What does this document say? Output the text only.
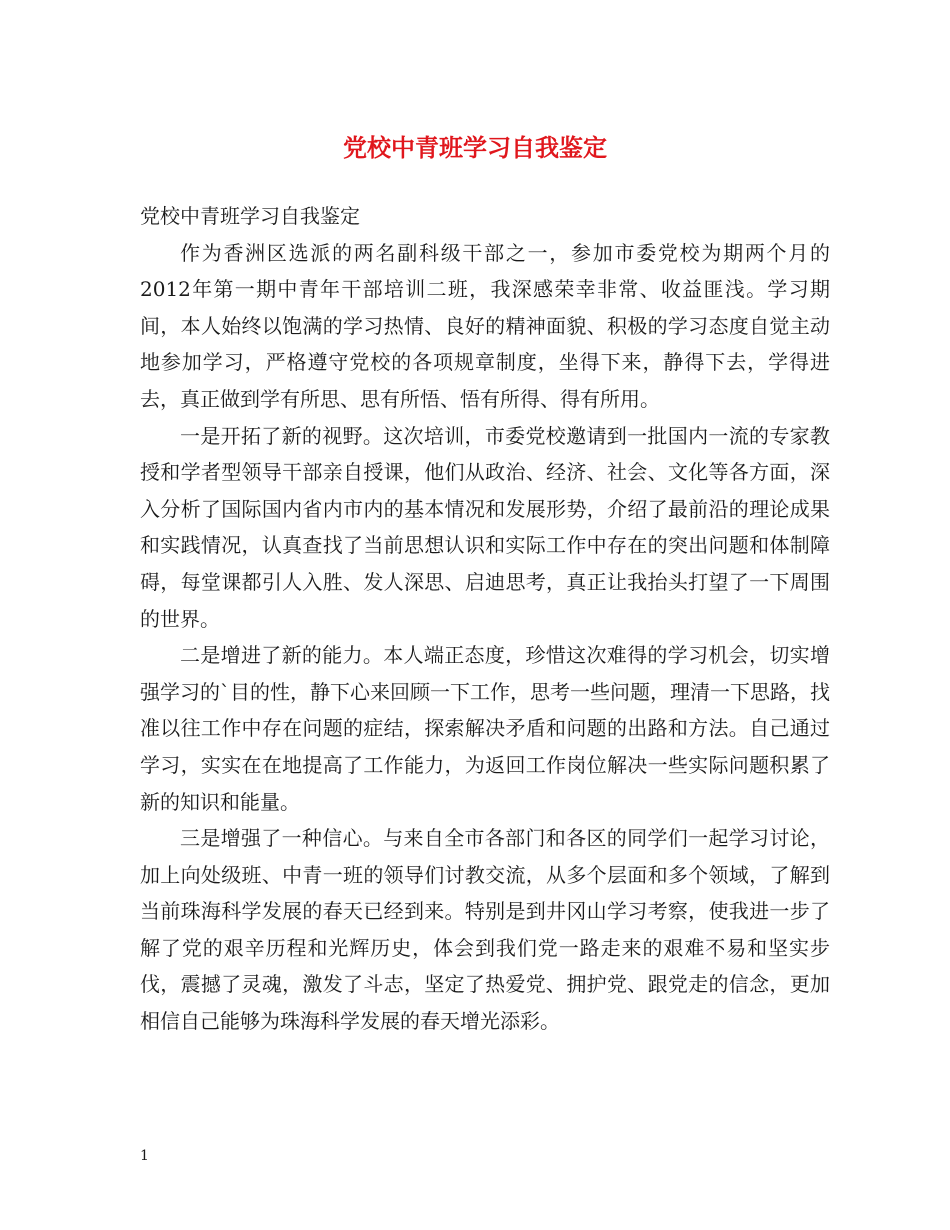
党校中青班学习自我鉴定

党校中青班学习自我鉴定

作为香洲区选派的两名副科级干部之一，参加市委党校为期两个月的2012年第一期中青年干部培训二班，我深感荣幸非常、收益匪浅。学习期间，本人始终以饱满的学习热情、良好的精神面貌、积极的学习态度自觉主动地参加学习，严格遵守党校的各项规章制度，坐得下来，静得下去，学得进去，真正做到学有所思、思有所悟、悟有所得、得有所用。

一是开拓了新的视野。这次培训，市委党校邀请到一批国内一流的专家教授和学者型领导干部亲自授课，他们从政治、经济、社会、文化等各方面，深入分析了国际国内省内市内的基本情况和发展形势，介绍了最前沿的理论成果和实践情况，认真查找了当前思想认识和实际工作中存在的突出问题和体制障碍，每堂课都引人入胜、发人深思、启迪思考，真正让我抬头打望了一下周围的世界。

二是增进了新的能力。本人端正态度，珍惜这次难得的学习机会，切实增强学习的`目的性，静下心来回顾一下工作，思考一些问题，理清一下思路，找准以往工作中存在问题的症结，探索解决矛盾和问题的出路和方法。自己通过学习，实实在在地提高了工作能力，为返回工作岗位解决一些实际问题积累了新的知识和能量。

三是增强了一种信心。与来自全市各部门和各区的同学们一起学习讨论，加上向处级班、中青一班的领导们讨教交流，从多个层面和多个领域，了解到当前珠海科学发展的春天已经到来。特别是到井冈山学习考察，使我进一步了解了党的艰辛历程和光辉历史，体会到我们党一路走来的艰难不易和坚实步伐，震撼了灵魂，激发了斗志，坚定了热爱党、拥护党、跟党走的信念，更加相信自己能够为珠海科学发展的春天增光添彩。

1
